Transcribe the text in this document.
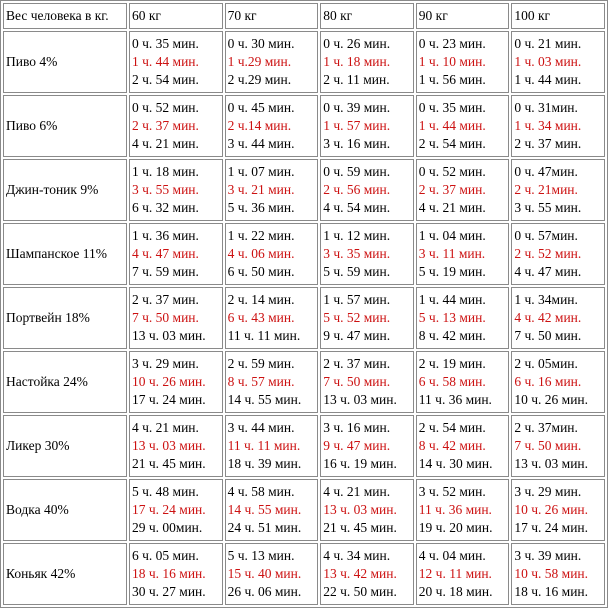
Вес человека в кг.	60 кг	70 кг	80 кг	90 кг	100 кг
Пиво 4%	0 ч. 35 мин.
1 ч. 44 мин.
2 ч. 54 мин.	0 ч. 30 мин.
1 ч.29 мин.
2 ч.29 мин.	0 ч. 26 мин.
1 ч. 18 мин.
2 ч. 11 мин.	0 ч. 23 мин.
1 ч. 10 мин.
1 ч. 56 мин.	0 ч. 21 мин.
1 ч. 03 мин.
1 ч. 44 мин.

Пиво 6%	0 ч. 52 мин.
2 ч. 37 мин.
4 ч. 21 мин.	0 ч. 45 мин.
2 ч.14 мин.
3 ч. 44 мин.	0 ч. 39 мин.
1 ч. 57 мин.
3 ч. 16 мин.	0 ч. 35 мин.
1 ч. 44 мин.
2 ч. 54 мин.	0 ч. 31мин.
1 ч. 34 мин.
2 ч. 37 мин.

Джин-тоник 9%	1 ч. 18 мин.
3 ч. 55 мин.
6 ч. 32 мин.	1 ч. 07 мин.
3 ч. 21 мин.
5 ч. 36 мин.	0 ч. 59 мин.
2 ч. 56 мин.
4 ч. 54 мин.	0 ч. 52 мин.
2 ч. 37 мин.
4 ч. 21 мин.	0 ч. 47мин.
2 ч. 21мин.
3 ч. 55 мин.

Шампанское 11%	1 ч. 36 мин.
4 ч. 47 мин.
7 ч. 59 мин.	1 ч. 22 мин.
4 ч. 06 мин.
6 ч. 50 мин.	1 ч. 12 мин.
3 ч. 35 мин.
5 ч. 59 мин.	1 ч. 04 мин.
3 ч. 11 мин.
5 ч. 19 мин.	0 ч. 57мин.
2 ч. 52 мин.
4 ч. 47 мин.

Портвейн 18%	2 ч. 37 мин.
7 ч. 50 мин.
13 ч. 03 мин.	2 ч. 14 мин.
6 ч. 43 мин.
11 ч. 11 мин.	1 ч. 57 мин.
5 ч. 52 мин.
9 ч. 47 мин.	1 ч. 44 мин.
5 ч. 13 мин.
8 ч. 42 мин.	1 ч. 34мин.
4 ч. 42 мин.
7 ч. 50 мин.

Настойка 24%	3 ч. 29 мин.
10 ч. 26 мин.
17 ч. 24 мин.	2 ч. 59 мин.
8 ч. 57 мин.
14 ч. 55 мин.	2 ч. 37 мин.
7 ч. 50 мин.
13 ч. 03 мин.	2 ч. 19 мин.
6 ч. 58 мин.
11 ч. 36 мин.	2 ч. 05мин.
6 ч. 16 мин.
10 ч. 26 мин.

Ликер 30%	4 ч. 21 мин.
13 ч. 03 мин.
21 ч. 45 мин.	3 ч. 44 мин.
11 ч. 11 мин.
18 ч. 39 мин.	3 ч. 16 мин.
9 ч. 47 мин.
16 ч. 19 мин.	2 ч. 54 мин.
8 ч. 42 мин.
14 ч. 30 мин.	2 ч. 37мин.
7 ч. 50 мин.
13 ч. 03 мин.

Водка 40%	5 ч. 48 мин.
17 ч. 24 мин.
29 ч. 00мин.	4 ч. 58 мин.
14 ч. 55 мин.
24 ч. 51 мин.	4 ч. 21 мин.
13 ч. 03 мин.
21 ч. 45 мин.	3 ч. 52 мин.
11 ч. 36 мин.
19 ч. 20 мин.	3 ч. 29 мин.
10 ч. 26 мин.
17 ч. 24 мин.

Коньяк 42%	6 ч. 05 мин.
18 ч. 16 мин.
30 ч. 27 мин.	5 ч. 13 мин.
15 ч. 40 мин.
26 ч. 06 мин.	4 ч. 34 мин.
13 ч. 42 мин.
22 ч. 50 мин.	4 ч. 04 мин.
12 ч. 11 мин.
20 ч. 18 мин.	3 ч. 39 мин.
10 ч. 58 мин.
18 ч. 16 мин.
